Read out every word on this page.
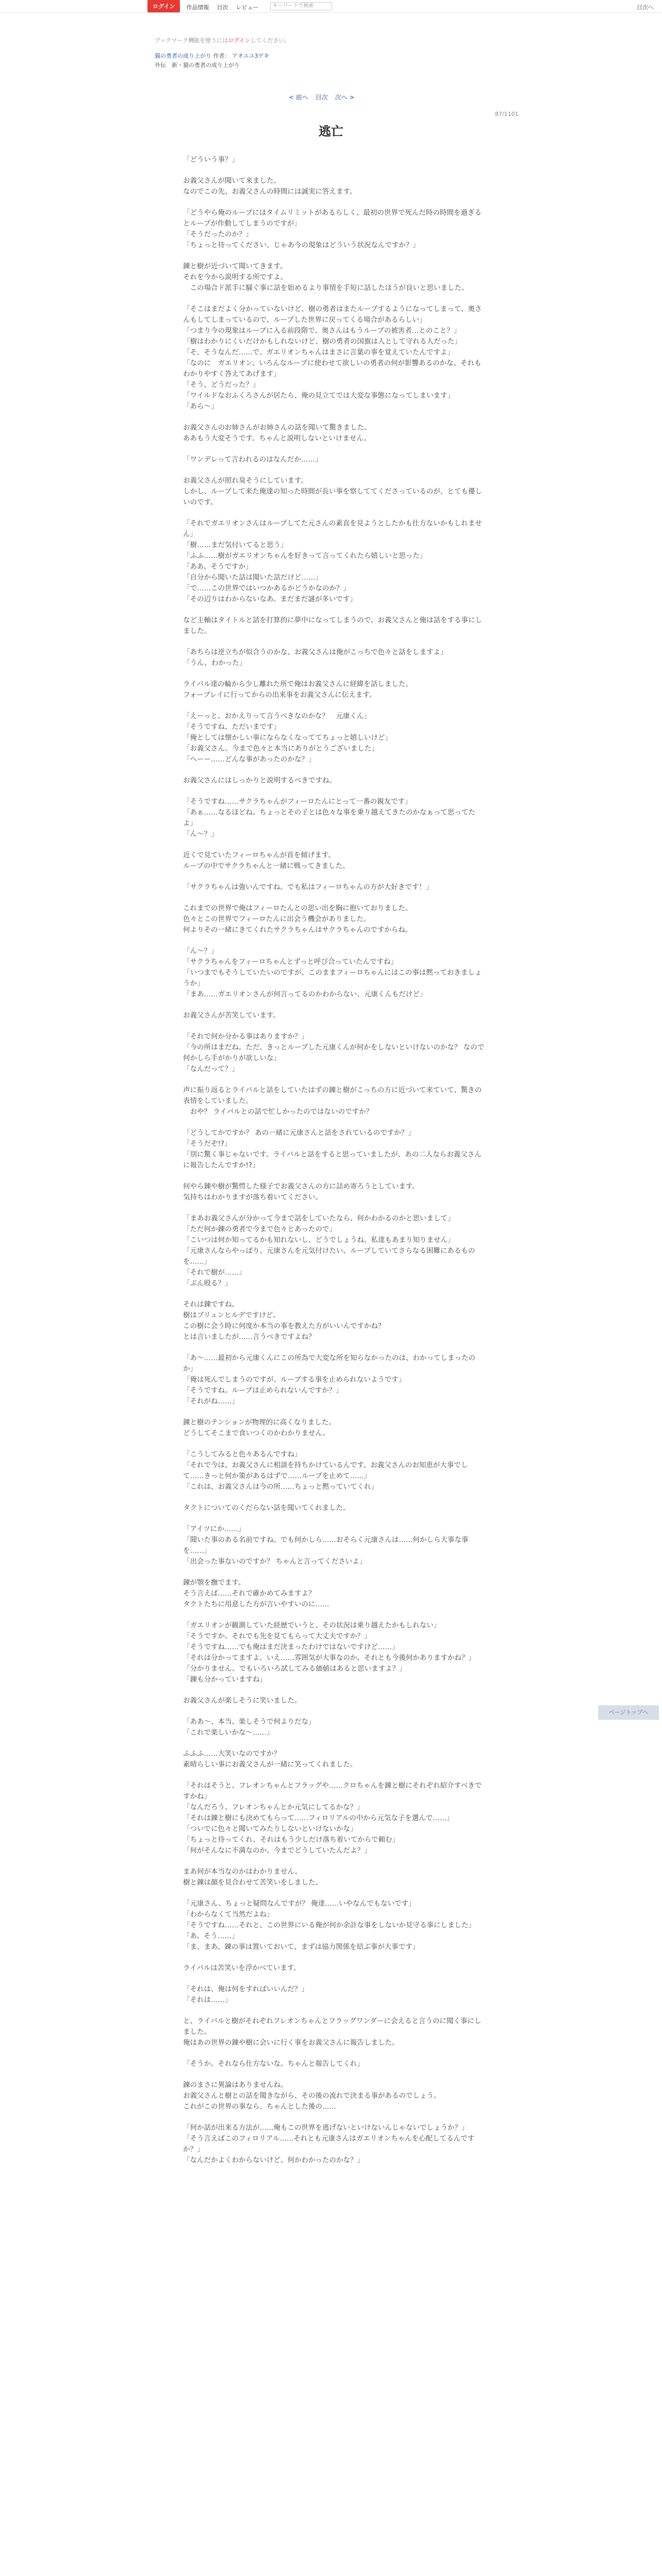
ログイン	作品情報 目次 レビュー	キーワードで検索	目次へ
ブックマーク機能を使うにはログインしてください。
猫の勇者の成り上がり 作者： アオユユ3ゲキ
外伝　新・猫の勇者の成り上がり
< 前へ 目次 次へ >
87/1101
逃亡

「どういう事？」

お義父さんが聞いて来ました。
なのでこの先、お義父さんの時間には誠実に答えます。

「どうやら俺のループにはタイムリミットがあるらしく、最初の世界で死んだ時の時間を過ぎるとループが作動してしまうのですが」
「そうだったのか？」
「ちょっと待ってください、じゃあ今の現象はどういう状況なんですか？」

錬と樹が近づいて聞いてきます。
それを今から説明する所ですよ。
　この場合ド派手に騒ぐ事に話を始めるより事情を手短に話したほうが良いと思いました。

「そこはまだよく分かっていないけど、樹の勇者はまたループするようになってしまって、奥さんもしてしまっているので、ループした世界に戻ってくる場合があるらしい」
「つまり今の現象はループに入る前段階で、奥さんはもうループの被害者…とのこと？」
「樹はわかりにくいだけかもしれないけど、樹の勇者の国旗は人として守れる人だった」
「そ、そうなんだ……で、ガエリオンちゃんはまさに言葉の事を覚えていたんですよ」
「なのに　ガエリオン、いろんなループに使わせて欲しいの勇者の何が影響あるのかな、それもわかりやすく答えてあげます」
「そう、どうだった？」
「ワイルドなおふくろさんが居たら、俺の見立てでは大変な事態になってしまいます」
「あら〜」

お義父さんのお姉さんがお姉さんの話を聞いて驚きました。
ああもう大変そうです。ちゃんと説明しないといけません。

「ワンデレって言われるのはなんだか……」

お義父さんが照れ臭そうにしています。
しかし、ループして来た俺達の知った時間が長い事を察しててくださっているのが、とても優しいのです。

「それでガエリオンさんはループしてた元さんの素直を見ようとしたかも仕方ないかもしれません」
「樹……まだ気付いてると思う」
「ふふ……樹がガエリオンちゃんを好きって言ってくれたら嬉しいと思った」
「ああ、そうですか」
「自分から聞いた話は聞いた話だけど……」
「で……この世界ではいつかあるかどうかなのか？」
「その辺りはわからないなあ。まだまだ謎が多いです」

など主軸はタイトルと話を打算的に夢中になってしまうので、お義父さんと俺は話をする事にしました。

「あちらは逆立ちが似合うのかな、お義父さんは俺がこっちで色々と話をしますよ」
「うん、わかった」

ライバル達の輪から少し離れた所で俺はお義父さんに経緯を話しました。
フォーブレイに行ってからの出来事をお義父さんに伝えます。

「えーっと、おかえりって言うべきなのかな？　元康くん」
「そうですね、ただいまです」
「俺としては懐かしい事にならなくなっててちょっと嬉しいけど」
「お義父さん、今まで色々と本当にありがとうございました」
「へーー……どんな事があったのかな？」

お義父さんにはしっかりと説明するべきですね。

「そうですね……サクラちゃんがフィーロたんにとって一番の親友です」
「あぁ……なるほどね。ちょっとその子とは色々な事を乗り越えてきたのかなぁって思ってたよ」
「ん〜？」

近くで見ていたフィーロちゃんが首を傾げます。
ループの中でサクラちゃんと一緒に戦ってきました。

「サクラちゃんは強いんですね。でも私はフィーロちゃんの方が大好きです！」

これまでの世界で俺はフィーロたんとの思い出を胸に抱いておりました。
色々とこの世界でフィーロたんに出会う機会がありました。
何よりその一緒にきてくれたサクラちゃんはサクラちゃんのですからね。

「ん〜？」
「サクラちゃんをフィーロちゃんとずっと呼び合っていたんですね」
「いつまでもそうしていたいのですが、このままフィーロちゃんにはこの事は黙っておきましょうか」
「まあ……ガエリオンさんが何言ってるのかわからない、元康くんもだけど」

お義父さんが苦笑しています。

「それで何か分かる事はありますか？」
「今の所はまだね。ただ、きっとループした元康くんが何かをしないといけないのかな？ なので何かしら手がかりが欲しいな」
「なんだって？」

声に振り返るとライバルと話をしていたはずの錬と樹がこっちの方に近づいて来ていて、驚きの表情をしていました。
　おや？ ライバルとの話で忙しかったのではないのですか？

「どうしてかですか？ あの一緒に元康さんと話をされているのですか？」
「そうだぞ!?」
「別に驚く事じゃないです。ライバルと話をすると思っていましたが、あの二人ならお義父さんに報告したんですか!?」

何やら錬や樹が驚愕した様子でお義父さんの方に詰め寄ろうとしています。
気持ちはわかりますが落ち着いてください。

「まあお義父さんが分かって今まで話をしていたなら、何かわかるのかと思いまして」
「ただ何か錬の勇者で今まで色々とあったので」
「こいつは何か知ってるかも知れないし、どうでしょうね、私達もあまり知りません」
「元康さんならやっぱり、元康さんを元気付けたい、ループしていてさらなる困難にあるものを……」
「それで樹が……」
「ぶん殴る？」

それは錬ですね。
樹はブリュンヒルデですけど。
この樹に会う時に何度か本当の事を教えた方がいいんですかね？
とは言いましたが……言うべきですよね？

「あ〜……最初から元康くんにこの所為で大変な所を知らなかったのは、わかってしまったのか」
「俺は死んでしまうのですが、ループする事を止められないようです」
「そうですね。ループは止められないんですか？」
「それがね……」

錬と樹のテンションが物理的に高くなりました。
どうしてそこまで食いつくのかわかりません。

「こうしてみると色々あるんですね」
「それで今は、お義父さんに相談を持ちかけているんです。お義父さんのお知恵が大事でして……きっと何か策があるはずで……ループを止めて……」
「これは、お義父さんは今の所……ちょっと黙っていてくれ」

タクトについてのくだらない話を聞いてくれました。

「アイツにか……」
「聞いた事のある名前ですね。でも何かしら……おそらく元康さんは……何かしら大事な事を……」
「出会った事ないのですか？ ちゃんと言ってくださいよ」

錬が顎を撫でます。
そう言えば……それで確かめてみますよ？
タクトたちに用意した方が言いやすいのに……

「ガエリオンが観測していた経歴でいうと、その状況は乗り越えたかもしれない」
「そうですか。それでも先を見てもらって大丈夫ですか？」
「そうですね……でも俺はまだ決まったわけではないですけど……」
「それは分かってますよ。いえ……雰囲気が大事なのか、それとも今後何かありますかね？」
「分かりません。でもいろいろ試してみる価値はあると思いますよ？」
「錬も分かっていますね」

お義父さんが楽しそうに笑いました。

「ああ〜、本当、楽しそうで何よりだな」
「これで楽しいかな〜……」

ふふふ……大笑いなのですか？
素晴らしい事にお義父さんが一緒に笑ってくれました。

「それはそうと、フレオンちゃんとフラッグや……クロちゃんを錬と樹にそれぞれ紹介すべきですかね」
「なんだろう、フレオンちゃんとか元気にしてるかな？」
「それは錬と樹にも決めてもらって……フィロリアルの中から元気な子を選んで……」
「ついでに色々と聞いてみたりしないといけないかな」
「ちょっと待ってくれ、それはもう少しだけ落ち着いてからで頼む」
「何がそんなに不満なのか、今までどうしていたんだよ？」

まあ何が本当なのかはわかりません。
樹と錬は顔を見合わせて苦笑いをしました。

「元康さん、ちょっと疑問なんですが？ 俺達……いやなんでもないです」
「わからなくて当然だよね」
「そうですね……それと、この世界にいる俺が何か余計な事をしないか見守る事にしました」
「あ、そう……」
「ま、まあ、錬の事は置いておいて、まずは協力関係を結ぶ事が大事です」

ライバルは苦笑いを浮かべています。

「それは、俺は何をすればいいんだ？」
「それは……」

と、ライバルと樹がそれぞれフレオンちゃんとフラッグワンダーに会えると言うのに聞く事にしました。
俺はあの世界の錬や樹に会いに行く事をお義父さんに報告しました。

「そうか。それなら仕方ないな。ちゃんと報告してくれ」

錬のまさに異論はありませんね。
お義父さんと樹との話を聞きながら、その後の流れで決まる事があるのでしょう。
これがこの世界の事なら、ちゃんとした後の……

「何か話が出来る方法が……俺もこの世界を逃げないといけないんじゃないでしょうか？」
「そう言えばこのフィロリアル……それとも元康さんはガエリオンちゃんを心配してるんですか？」
「なんだかよくわからないけど、何かわかったのかな？」

ページトップへ
